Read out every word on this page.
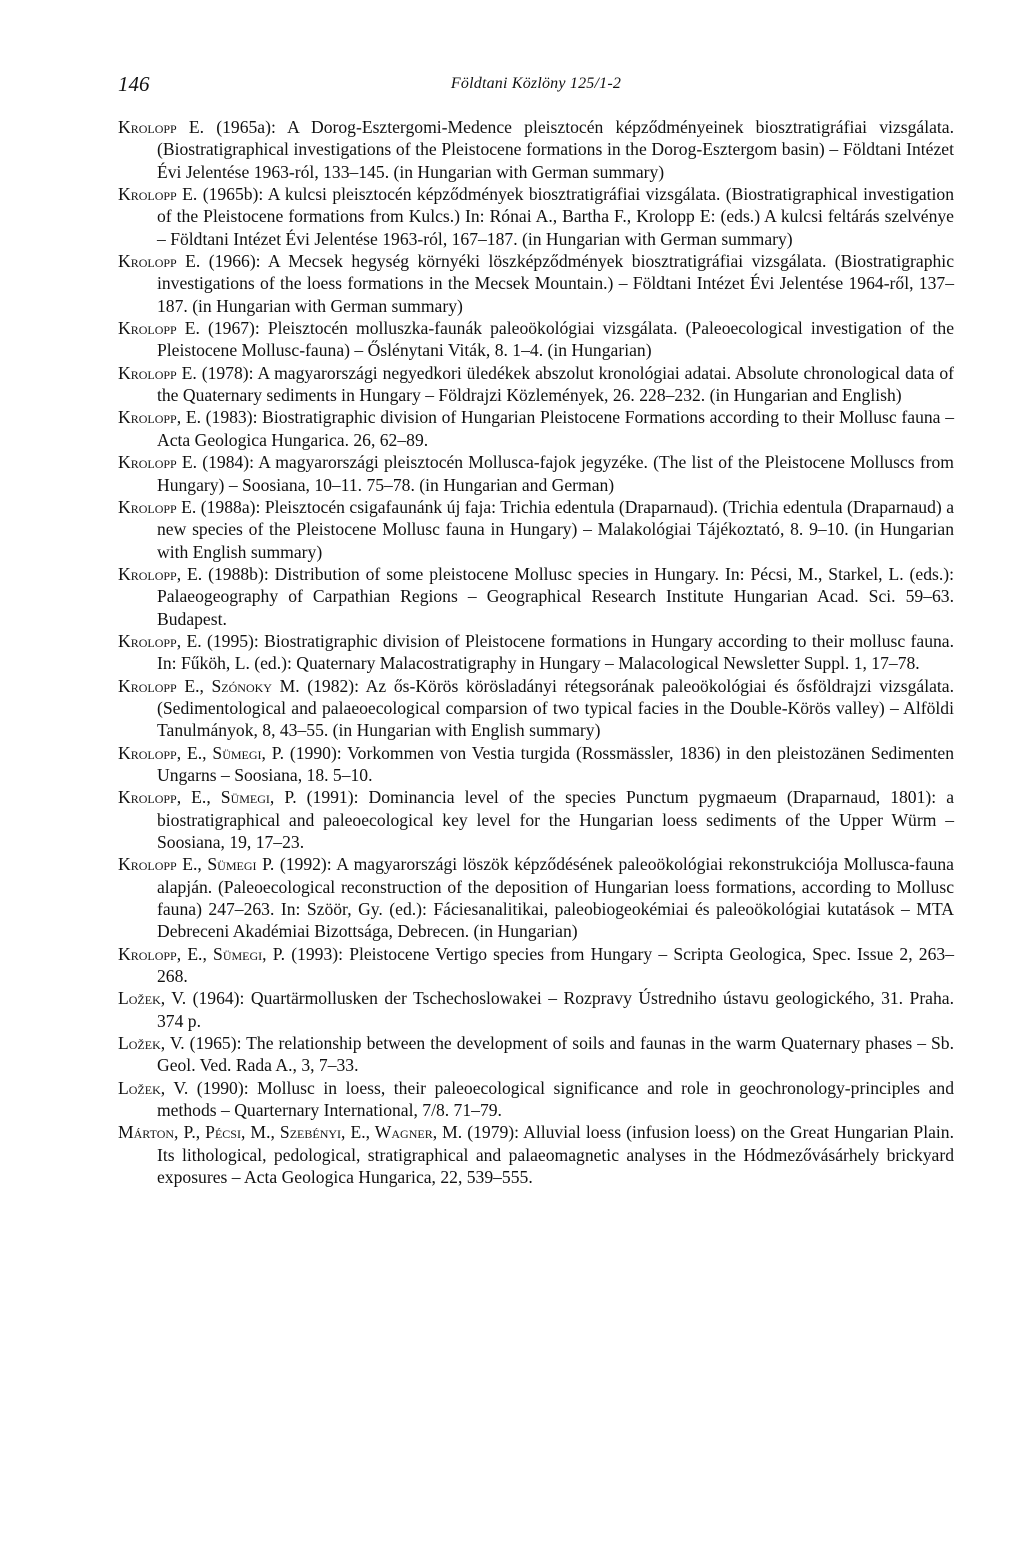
146	Földtani Közlöny 125/1-2

Krolopp E. (1965a): A Dorog-Esztergomi-Medence pleisztocén képződményeinek biosztratigráfiai vizsgálata. (Biostratigraphical investigations of the Pleistocene formations in the Dorog-Esztergom basin) – Földtani Intézet Évi Jelentése 1963-ról, 133–145. (in Hungarian with German summary)

Krolopp E. (1965b): A kulcsi pleisztocén képződmények biosztratigráfiai vizsgálata. (Biostratigraphical investigation of the Pleistocene formations from Kulcs.) In: Rónai A., Bartha F., Krolopp E: (eds.) A kulcsi feltárás szelvénye – Földtani Intézet Évi Jelentése 1963-ról, 167–187. (in Hungarian with German summary)

Krolopp E. (1966): A Mecsek hegység környéki löszképződmények biosztratigráfiai vizsgálata. (Biostratigraphic investigations of the loess formations in the Mecsek Mountain.) – Földtani Intézet Évi Jelentése 1964-ről, 137–187. (in Hungarian with German summary)

Krolopp E. (1967): Pleisztocén molluszka-faunák paleoökológiai vizsgálata. (Paleoecological investigation of the Pleistocene Mollusc-fauna) – Őslénytani Viták, 8. 1–4. (in Hungarian)

Krolopp E. (1978): A magyarországi negyedkori üledékek abszolut kronológiai adatai. Absolute chronological data of the Quaternary sediments in Hungary – Földrajzi Közlemények, 26. 228–232. (in Hungarian and English)

Krolopp, E. (1983): Biostratigraphic division of Hungarian Pleistocene Formations according to their Mollusc fauna – Acta Geologica Hungarica. 26, 62–89.

Krolopp E. (1984): A magyarországi pleisztocén Mollusca-fajok jegyzéke. (The list of the Pleistocene Molluscs from Hungary) – Soosiana, 10–11. 75–78. (in Hungarian and German)

Krolopp E. (1988a): Pleisztocén csigafaunánk új faja: Trichia edentula (Draparnaud). (Trichia edentula (Draparnaud) a new species of the Pleistocene Mollusc fauna in Hungary) – Malakológiai Tájékoztató, 8. 9–10. (in Hungarian with English summary)

Krolopp, E. (1988b): Distribution of some pleistocene Mollusc species in Hungary. In: Pécsi, M., Starkel, L. (eds.): Palaeogeography of Carpathian Regions – Geographical Research Institute Hungarian Acad. Sci. 59–63. Budapest.

Krolopp, E. (1995): Biostratigraphic division of Pleistocene formations in Hungary according to their mollusc fauna. In: Fűköh, L. (ed.): Quaternary Malacostratigraphy in Hungary – Malacological Newsletter Suppl. 1, 17–78.

Krolopp E., Szónoky M. (1982): Az ős-Körös körösladányi rétegsorának paleoökológiai és ősföldrajzi vizsgálata. (Sedimentological and palaeoecological comparsion of two typical facies in the Double-Körös valley) – Alföldi Tanulmányok, 8, 43–55. (in Hungarian with English summary)

Krolopp, E., Sümegi, P. (1990): Vorkommen von Vestia turgida (Rossmässler, 1836) in den pleistozänen Sedimenten Ungarns – Soosiana, 18. 5–10.

Krolopp, E., Sümegi, P. (1991): Dominancia level of the species Punctum pygmaeum (Draparnaud, 1801): a biostratigraphical and paleoecological key level for the Hungarian loess sediments of the Upper Würm – Soosiana, 19, 17–23.

Krolopp E., Sümegi P. (1992): A magyarországi löszök képződésének paleoökológiai rekonstrukciója Mollusca-fauna alapján. (Paleoecological reconstruction of the deposition of Hungarian loess formations, according to Mollusc fauna) 247–263. In: Szöör, Gy. (ed.): Fáciesanalitikai, paleobiogeokémiai és paleoökológiai kutatások – MTA Debreceni Akadémiai Bizottsága, Debrecen. (in Hungarian)

Krolopp, E., Sümegi, P. (1993): Pleistocene Vertigo species from Hungary – Scripta Geologica, Spec. Issue 2, 263–268.

Ložek, V. (1964): Quartärmollusken der Tschechoslowakei – Rozpravy Ústredniho ústavu geologického, 31. Praha. 374 p.

Ložek, V. (1965): The relationship between the development of soils and faunas in the warm Quaternary phases – Sb. Geol. Ved. Rada A., 3, 7–33.

Ložek, V. (1990): Mollusc in loess, their paleoecological significance and role in geochronology-principles and methods – Quarternary International, 7/8. 71–79.

Márton, P., Pécsi, M., Szebényi, E., Wagner, M. (1979): Alluvial loess (infusion loess) on the Great Hungarian Plain. Its lithological, pedological, stratigraphical and palaeomagnetic analyses in the Hódmezővásárhely brickyard exposures – Acta Geologica Hungarica, 22, 539–555.
